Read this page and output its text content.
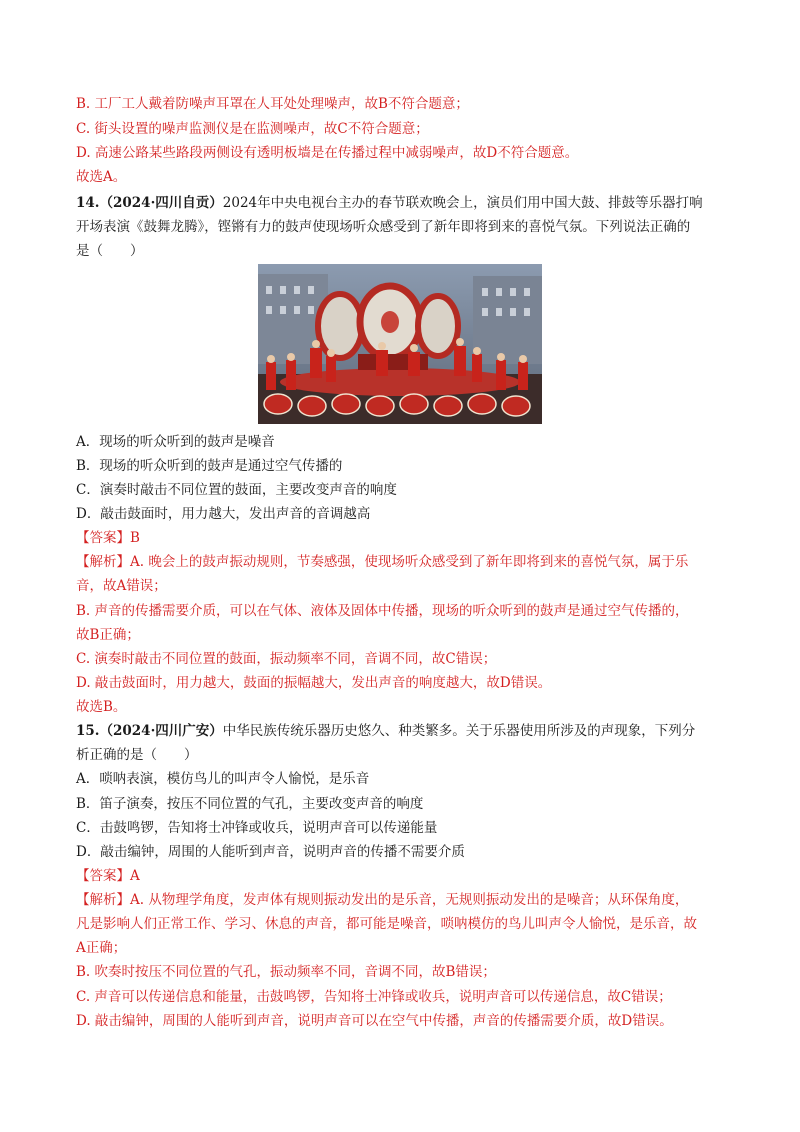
B. 工厂工人戴着防噪声耳罩在人耳处处理噪声，故B不符合题意；
C. 街头设置的噪声监测仪是在监测噪声，故C不符合题意；
D. 高速公路某些路段两侧设有透明板墙是在传播过程中减弱噪声，故D不符合题意。
故选A。
14.（2024·四川自贡）2024年中央电视台主办的春节联欢晚会上，演员们用中国大鼓、排鼓等乐器打响
开场表演《鼓舞龙腾》，铿锵有力的鼓声使现场听众感受到了新年即将到来的喜悦气氛。下列说法正确的
是（　　）
A．现场的听众听到的鼓声是噪音
B．现场的听众听到的鼓声是通过空气传播的
C．演奏时敲击不同位置的鼓面，主要改变声音的响度
D．敲击鼓面时，用力越大，发出声音的音调越高
【答案】B
【解析】A. 晚会上的鼓声振动规则，节奏感强，使现场听众感受到了新年即将到来的喜悦气氛，属于乐
音，故A错误；
B. 声音的传播需要介质，可以在气体、液体及固体中传播，现场的听众听到的鼓声是通过空气传播的，
故B正确；
C. 演奏时敲击不同位置的鼓面，振动频率不同，音调不同，故C错误；
D. 敲击鼓面时，用力越大，鼓面的振幅越大，发出声音的响度越大，故D错误。
故选B。
15.（2024·四川广安）中华民族传统乐器历史悠久、种类繁多。关于乐器使用所涉及的声现象，下列分
析正确的是（　　）
A．唢呐表演，模仿鸟儿的叫声令人愉悦，是乐音
B．笛子演奏，按压不同位置的气孔，主要改变声音的响度
C．击鼓鸣锣，告知将士冲锋或收兵，说明声音可以传递能量
D．敲击编钟，周围的人能听到声音，说明声音的传播不需要介质
【答案】A
【解析】A. 从物理学角度，发声体有规则振动发出的是乐音，无规则振动发出的是噪音；从环保角度，
凡是影响人们正常工作、学习、休息的声音，都可能是噪音，唢呐模仿的鸟儿叫声令人愉悦，是乐音，故
A正确；
B. 吹奏时按压不同位置的气孔，振动频率不同，音调不同，故B错误；
C. 声音可以传递信息和能量，击鼓鸣锣，告知将士冲锋或收兵，说明声音可以传递信息，故C错误；
D. 敲击编钟，周围的人能听到声音，说明声音可以在空气中传播，声音的传播需要介质，故D错误。
